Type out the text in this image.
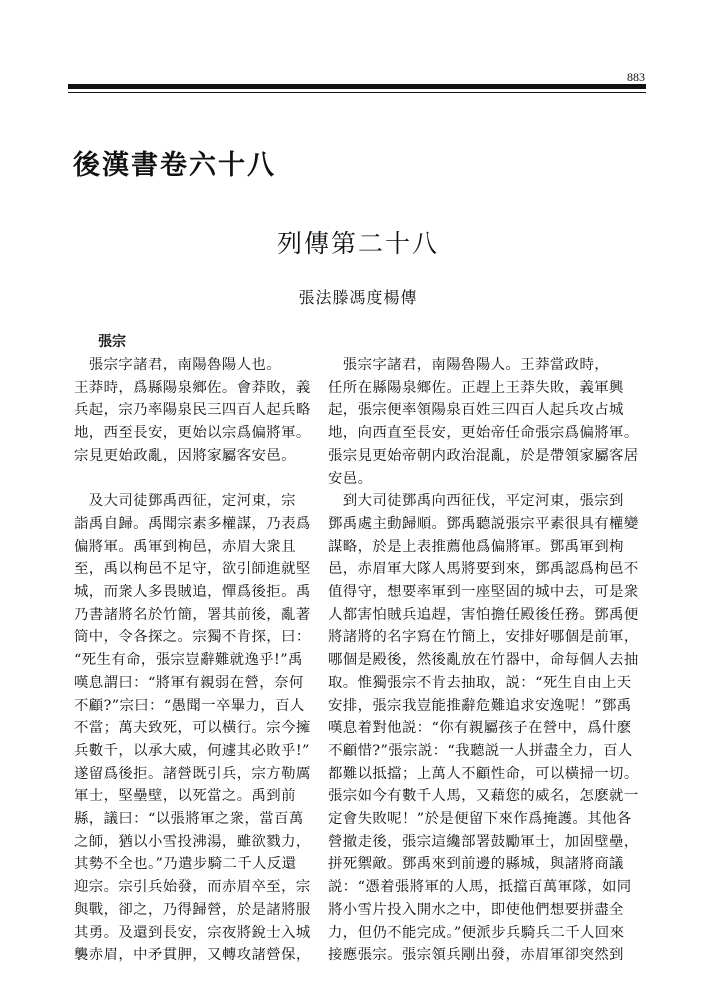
883
後漢書卷六十八
列傳第二十八
張法滕馮度楊傳
張宗

　張宗字諸君，南陽魯陽人也。

王莽時，爲縣陽泉鄉佐。會莽敗，義

兵起，宗乃率陽泉民三四百人起兵略

地，西至長安，更始以宗爲偏將軍。

宗見更始政亂，因將家屬客安邑。

　及大司徒鄧禹西征，定河東，宗

詣禹自歸。禹聞宗素多權謀，乃表爲

偏將軍。禹軍到栒邑，赤眉大衆且

至，禹以栒邑不足守，欲引師進就堅

城，而衆人多畏賊追，憚爲後拒。禹

乃書諸將名於竹簡，署其前後，亂著

筒中，令各探之。宗獨不肯探，曰：

“死生有命，張宗豈辭難就逸乎!”禹

嘆息謂曰：“將軍有親弱在營，奈何

不顧?”宗曰：“愚聞一卒畢力，百人

不當；萬夫致死，可以橫行。宗今擁

兵數千，以承大威，何遽其必敗乎!”

遂留爲後拒。諸營既引兵，宗方勒厲

軍士，堅壘壁，以死當之。禹到前

縣，議曰：“以張將軍之衆，當百萬

之師，猶以小雪投沸湯，雖欲戮力，

其勢不全也。”乃遣步騎二千人反還

迎宗。宗引兵始發，而赤眉卒至，宗

與戰，卻之，乃得歸營，於是諸將服

其勇。及還到長安，宗夜將銳士入城

襲赤眉，中矛貫胛，又轉攻諸營保，

　張宗字諸君，南陽魯陽人。王莽當政時，

任所在縣陽泉鄉佐。正趕上王莽失敗，義軍興

起，張宗便率領陽泉百姓三四百人起兵攻占城

地，向西直至長安，更始帝任命張宗爲偏將軍。

張宗見更始帝朝内政治混亂，於是帶領家屬客居

安邑。

　到大司徒鄧禹向西征伐，平定河東，張宗到

鄧禹處主動歸順。鄧禹聽説張宗平素很具有權變

謀略，於是上表推薦他爲偏將軍。鄧禹軍到栒

邑，赤眉軍大隊人馬將要到來，鄧禹認爲栒邑不

值得守，想要率軍到一座堅固的城中去，可是衆

人都害怕賊兵追趕，害怕擔任殿後任務。鄧禹便

將諸將的名字寫在竹簡上，安排好哪個是前軍，

哪個是殿後，然後亂放在竹器中，命每個人去抽

取。惟獨張宗不肯去抽取，説：“死生自由上天

安排，張宗我豈能推辭危難追求安逸呢！”鄧禹

嘆息着對他説：“你有親屬孩子在營中，爲什麽

不顧惜?”張宗説：“我聽説一人拼盡全力，百人

都難以抵擋；上萬人不顧性命，可以橫掃一切。

張宗如今有數千人馬，又藉您的威名，怎麽就一

定會失敗呢！”於是便留下來作爲掩護。其他各

營撤走後，張宗這纔部署鼓勵軍士，加固壁壘，

拼死禦敵。鄧禹來到前邊的縣城，與諸將商議

説：“憑着張將軍的人馬，抵擋百萬軍隊，如同

將小雪片投入開水之中，即使他們想要拼盡全

力，但仍不能完成。”便派步兵騎兵二千人回來

接應張宗。張宗領兵剛出發，赤眉軍卻突然到
